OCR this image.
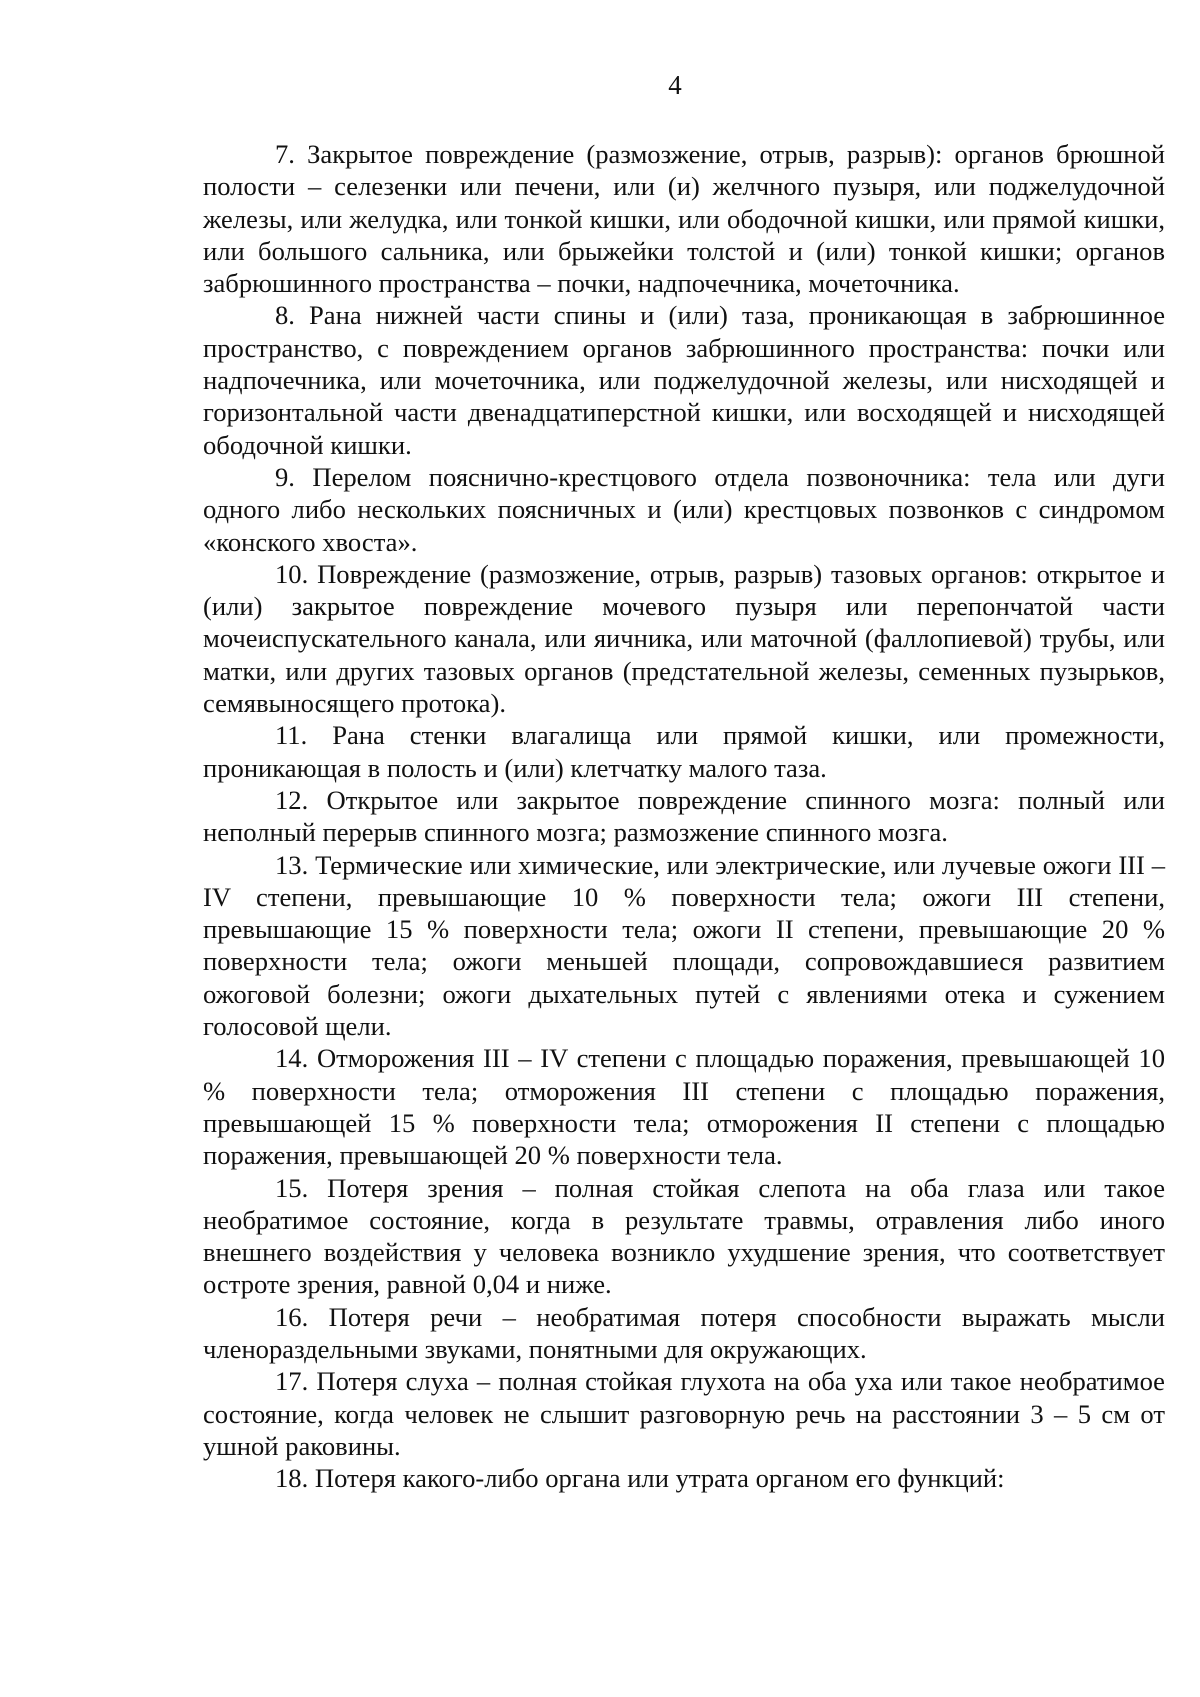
4

7. Закрытое повреждение (размозжение, отрыв, разрыв): органов брюшной полости – селезенки или печени, или (и) желчного пузыря, или поджелудочной железы, или желудка, или тонкой кишки, или ободочной кишки, или прямой кишки, или большого сальника, или брыжейки толстой и (или) тонкой кишки; органов забрюшинного пространства – почки, надпочечника, мочеточника.

8. Рана нижней части спины и (или) таза, проникающая в забрюшинное пространство, с повреждением органов забрюшинного пространства: почки или надпочечника, или мочеточника, или поджелудочной железы, или нисходящей и горизонтальной части двенадцатиперстной кишки, или восходящей и нисходящей ободочной кишки.

9. Перелом пояснично-крестцового отдела позвоночника: тела или дуги одного либо нескольких поясничных и (или) крестцовых позвонков с синдромом «конского хвоста».

10. Повреждение (размозжение, отрыв, разрыв) тазовых органов: открытое и (или) закрытое повреждение мочевого пузыря или перепончатой части мочеиспускательного канала, или яичника, или маточной (фаллопиевой) трубы, или матки, или других тазовых органов (предстательной железы, семенных пузырьков, семявыносящего протока).

11. Рана стенки влагалища или прямой кишки, или промежности, проникающая в полость и (или) клетчатку малого таза.

12. Открытое или закрытое повреждение спинного мозга: полный или неполный перерыв спинного мозга; размозжение спинного мозга.

13. Термические или химические, или электрические, или лучевые ожоги III – IV степени, превышающие 10 % поверхности тела; ожоги III степени, превышающие 15 % поверхности тела; ожоги II степени, превышающие 20 % поверхности тела; ожоги меньшей площади, сопровождавшиеся развитием ожоговой болезни; ожоги дыхательных путей с явлениями отека и сужением голосовой щели.

14. Отморожения III – IV степени с площадью поражения, превышающей 10 % поверхности тела; отморожения III степени с площадью поражения, превышающей 15 % поверхности тела; отморожения II степени с площадью поражения, превышающей 20 % поверхности тела.

15. Потеря зрения – полная стойкая слепота на оба глаза или такое необратимое состояние, когда в результате травмы, отравления либо иного внешнего воздействия у человека возникло ухудшение зрения, что соответствует остроте зрения, равной 0,04 и ниже.

16. Потеря речи – необратимая потеря способности выражать мысли членораздельными звуками, понятными для окружающих.

17. Потеря слуха – полная стойкая глухота на оба уха или такое необратимое состояние, когда человек не слышит разговорную речь на расстоянии 3 – 5 см от ушной раковины.

18. Потеря какого-либо органа или утрата органом его функций:
